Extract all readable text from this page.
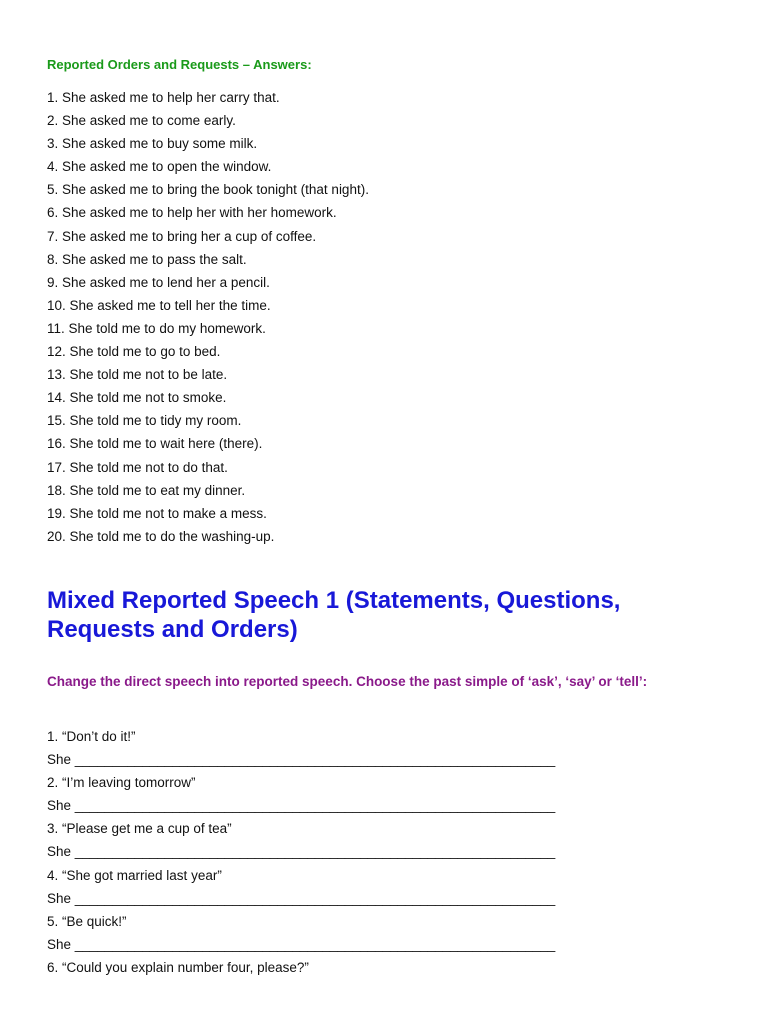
Reported Orders and Requests – Answers:
1. She asked me to help her carry that.
2. She asked me to come early.
3. She asked me to buy some milk.
4. She asked me to open the window.
5. She asked me to bring the book tonight (that night).
6. She asked me to help her with her homework.
7. She asked me to bring her a cup of coffee.
8. She asked me to pass the salt.
9. She asked me to lend her a pencil.
10. She asked me to tell her the time.
11. She told me to do my homework.
12. She told me to go to bed.
13. She told me not to be late.
14. She told me not to smoke.
15. She told me to tidy my room.
16. She told me to wait here (there).
17. She told me not to do that.
18. She told me to eat my dinner.
19. She told me not to make a mess.
20. She told me to do the washing-up.
Mixed Reported Speech 1 (Statements, Questions, Requests and Orders)
Change the direct speech into reported speech. Choose the past simple of ‘ask’, ‘say’ or ‘tell’:
1. “Don’t do it!”
She ________________________________________________________________
2. “I’m leaving tomorrow”
She ________________________________________________________________
3. “Please get me a cup of tea”
She ________________________________________________________________
4. “She got married last year”
She ________________________________________________________________
5. “Be quick!”
She ________________________________________________________________
6. “Could you explain number four, please?”
